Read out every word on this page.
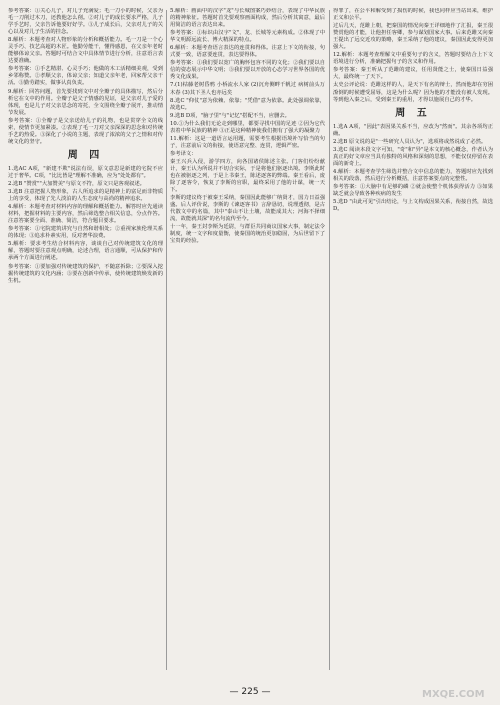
参考答案：①关心儿子，对儿子充满爱；毛一刀小的时候，父亲为毛一刀削过木刀，还教他怎么削。②对儿子的成长要求严格，儿子学手艺时，父亲告诉他要好好学。③儿子成长后，父亲对儿子的关心以及对儿子生活的挂念。

8.解析：本题考查对人物形象的分析和概括能力。毛一刀是一个心灵手巧、技艺高超的木匠。他勤劳能干，懂得感恩，在父亲年老时能够体谅父亲。答题时可结合文中具体情节进行分析，注意语言表达要准确。

参考答案：①手艺精湛、心灵手巧；他做的木工活精细美观，受到乡邻称赞。②孝顺父亲，体谅父亲；知道父亲年老，回家帮父亲干活。③勤劳踏实，做事认真负责。

9.解析：回答问题，首先要找到文中对全瓣子的具体描写，然后分析它在文中的作用。全瓣子是父子情感的见证，是父亲对儿子爱的体现，也是儿子对父亲思念的寄托，全文围绕全瓣子展开，推动情节发展。

参考答案：①全瓣子是父亲送给儿子的礼物，也是贯穿全文的线索，使情节更加紧凑。②表现了毛一刀对父亲深深的思念和对传统手艺的热爱。③深化了小说的主题，表现了浓浓的父子之情和对传统文化的坚守。

周 四

1.选AC A项，"新建不欺"说法有误，原文意思是新建的宅院不应过于奢华。C项，"比比皆是"理解不准确，应为"处处都有"。

2.选B "赞赏""大加赞美"与原文不符，原文只是客观叙述。

3.选B 注意把握人物形象，古人所追求的是精神上的富足而非物质上的享受，体现了先人淡泊的人生态度与高尚的精神追求。

4.解析：本题考查对材料内容的理解和概括能力。解答时应先通读材料，把握材料的主要内容，然后筛选整合相关信息，分点作答。注意答案要全面、准确、简洁，符合题目要求。

参考答案：①宅院建筑讲究与自然和谐相处；②重视家族伦理关系的体现；③追求朴素实用，反对奢华浪费。

5.解析：要求考生结合材料内容，谈谈自己对传统建筑文化的理解，答题时要注意观点明确，论述合理，语言通顺，可从保护和传承两个方面进行阐述。

参考答案：①要加强对传统建筑的保护，不随意拆除；②要深入挖掘传统建筑的文化内涵；③要在创新中传承，使传统建筑焕发新的生机。

5.解析：画面中的汉字"龙"与长城图案巧妙结合，表现了中华民族的精神象征。答题时首先要观察画面构成，然后分析其寓意，最后用简洁的语言表达出来。

参考答案：①标识由汉字"文"、龙、长城等元素构成。②体现了中华文明源远流长、博大精深的特点。

6.解析：本题考查语言表达的连贯和得体。注意上下文的衔接，句式要一致，语意要连贯，表达要得体。

参考答案：①我们要以宽广的胸怀包容不同的文化；②我们要以自信的姿态展示中华文明；③我们要以开放的心态学习世界各国的优秀文化成果。

7.(1)枯藤老树昏鸦 小桥流水人家 (2)沉舟侧畔千帆过 病树前头万木春 (3)其下圣人也亦远矣

8.选C "仰仗"意为依赖、依靠；"凭借"意为依靠。此处强调依靠，故选C。

9.选B D项，"脑子里"与"记忆"搭配不当，应删去。

10.①为什么我们无论走到哪里，都要寻找中国的足迹 ②因为它代表着中华民族的精神 ③正是这种精神使我们拥有了强大的凝聚力

11.解析：这是一道语言运用题，需要考生根据语境补写恰当的句子，注意前后文的衔接，使语意完整、连贯，逻辑严密。

参考译文：

秦王兴兵入侵，游学四方，向各国诸侯陈述主张。门客们纷纷献计，秦王认为所说并不切合实际，于是将他们驱逐出境。李斯此时也在被驱逐之列，于是上书秦王，陈述逐客的弊端。秦王看后，废除了逐客令，恢复了李斯的官职，最终采用了他的计谋，统一天下。

李斯的建议终于被秦王采纳，秦国因此能够广纳贤才，国力日益强盛。后人评价说，李斯的《谏逐客书》言辞恳切，说理透彻，是古代散文中的名篇，其中"泰山不让土壤，故能成其大；河海不择细流，故能就其深"的名句流传至今。

十一年，秦王封李斯为廷尉，与群臣共同商议国家大事，制定法令制度，统一文字和度量衡，使秦国的统治更加稳固，为后世留下了宝贵的经验。

得罪了，在公平和解受到了损伤的时候，我也同样应当站出来，维护正义和公平。

过后几天，范雎上朝，把秦国的情况向秦王详细地作了汇报，秦王很赞赏他的才能，让他担任客卿，参与谋划国家大事。后来范雎又向秦王提出了远交近攻的策略，秦王采纳了他的建议，秦国因此变得更加强大。

12.解析：本题考查理解文中重要句子的含义，答题时要结合上下文语境进行分析，准确把握句子的含义和作用。

参考答案：秦王听从了范雎的建议，任用贤能之士，使秦国日益强大，最终统一了天下。

太史公评论说：范雎这样的人，是天下有名的辩士，然而他却在穷困潦倒的时候遭受屈辱，这是为什么呢？因为他的才能没有被人发现。等到他入秦之后，受到秦王的重用，才得以施展自己的才华。

周 五

1.选A A项，"因此"表因果关系不当，应改为"然而"。其余各项均正确。

2.选B 原文说的是"一些研究人员认为"，选项将或然说成了必然。

3.选C 阅读本段文字可知，"奇"和"异"是本文的核心概念，作者认为真正的好文章应当具有独特的风格和深刻的思想，不能仅仅停留在表面的新奇上。

4.解析：本题考查学生筛选并整合文中信息的能力，答题时应先找到相关的段落，然后进行分析概括，注意答案要点的完整性。

参考答案：①大脑中有足够的磷 ②就会使整个机体获得活力 ③如果缺乏就会导致各种疾病的发生

5.选D "由此可见"引出结论，与上文构成因果关系，衔接自然，故选D。

— 225 —	MXQE.COM
